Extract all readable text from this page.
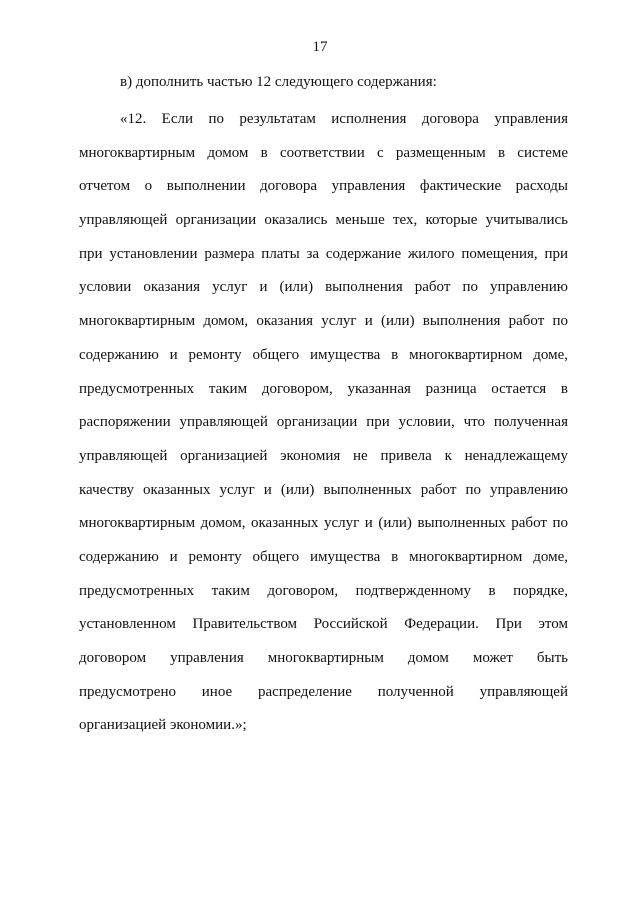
17
в) дополнить частью 12 следующего содержания:
«12. Если по результатам исполнения договора управления
многоквартирным домом в соответствии с размещенным в системе
отчетом о выполнении договора управления фактические расходы
управляющей организации оказались меньше тех, которые учитывались
при установлении размера платы за содержание жилого помещения, при
условии оказания услуг и (или) выполнения работ по управлению
многоквартирным домом, оказания услуг и (или) выполнения работ по
содержанию и ремонту общего имущества в многоквартирном доме,
предусмотренных таким договором, указанная разница остается в
распоряжении управляющей организации при условии, что полученная
управляющей организацией экономия не привела к ненадлежащему
качеству оказанных услуг и (или) выполненных работ по управлению
многоквартирным домом, оказанных услуг и (или) выполненных работ по
содержанию и ремонту общего имущества в многоквартирном доме,
предусмотренных таким договором, подтвержденному в порядке,
установленном Правительством Российской Федерации. При этом
договором управления многоквартирным домом может быть
предусмотрено иное распределение полученной управляющей
организацией экономии.»;
